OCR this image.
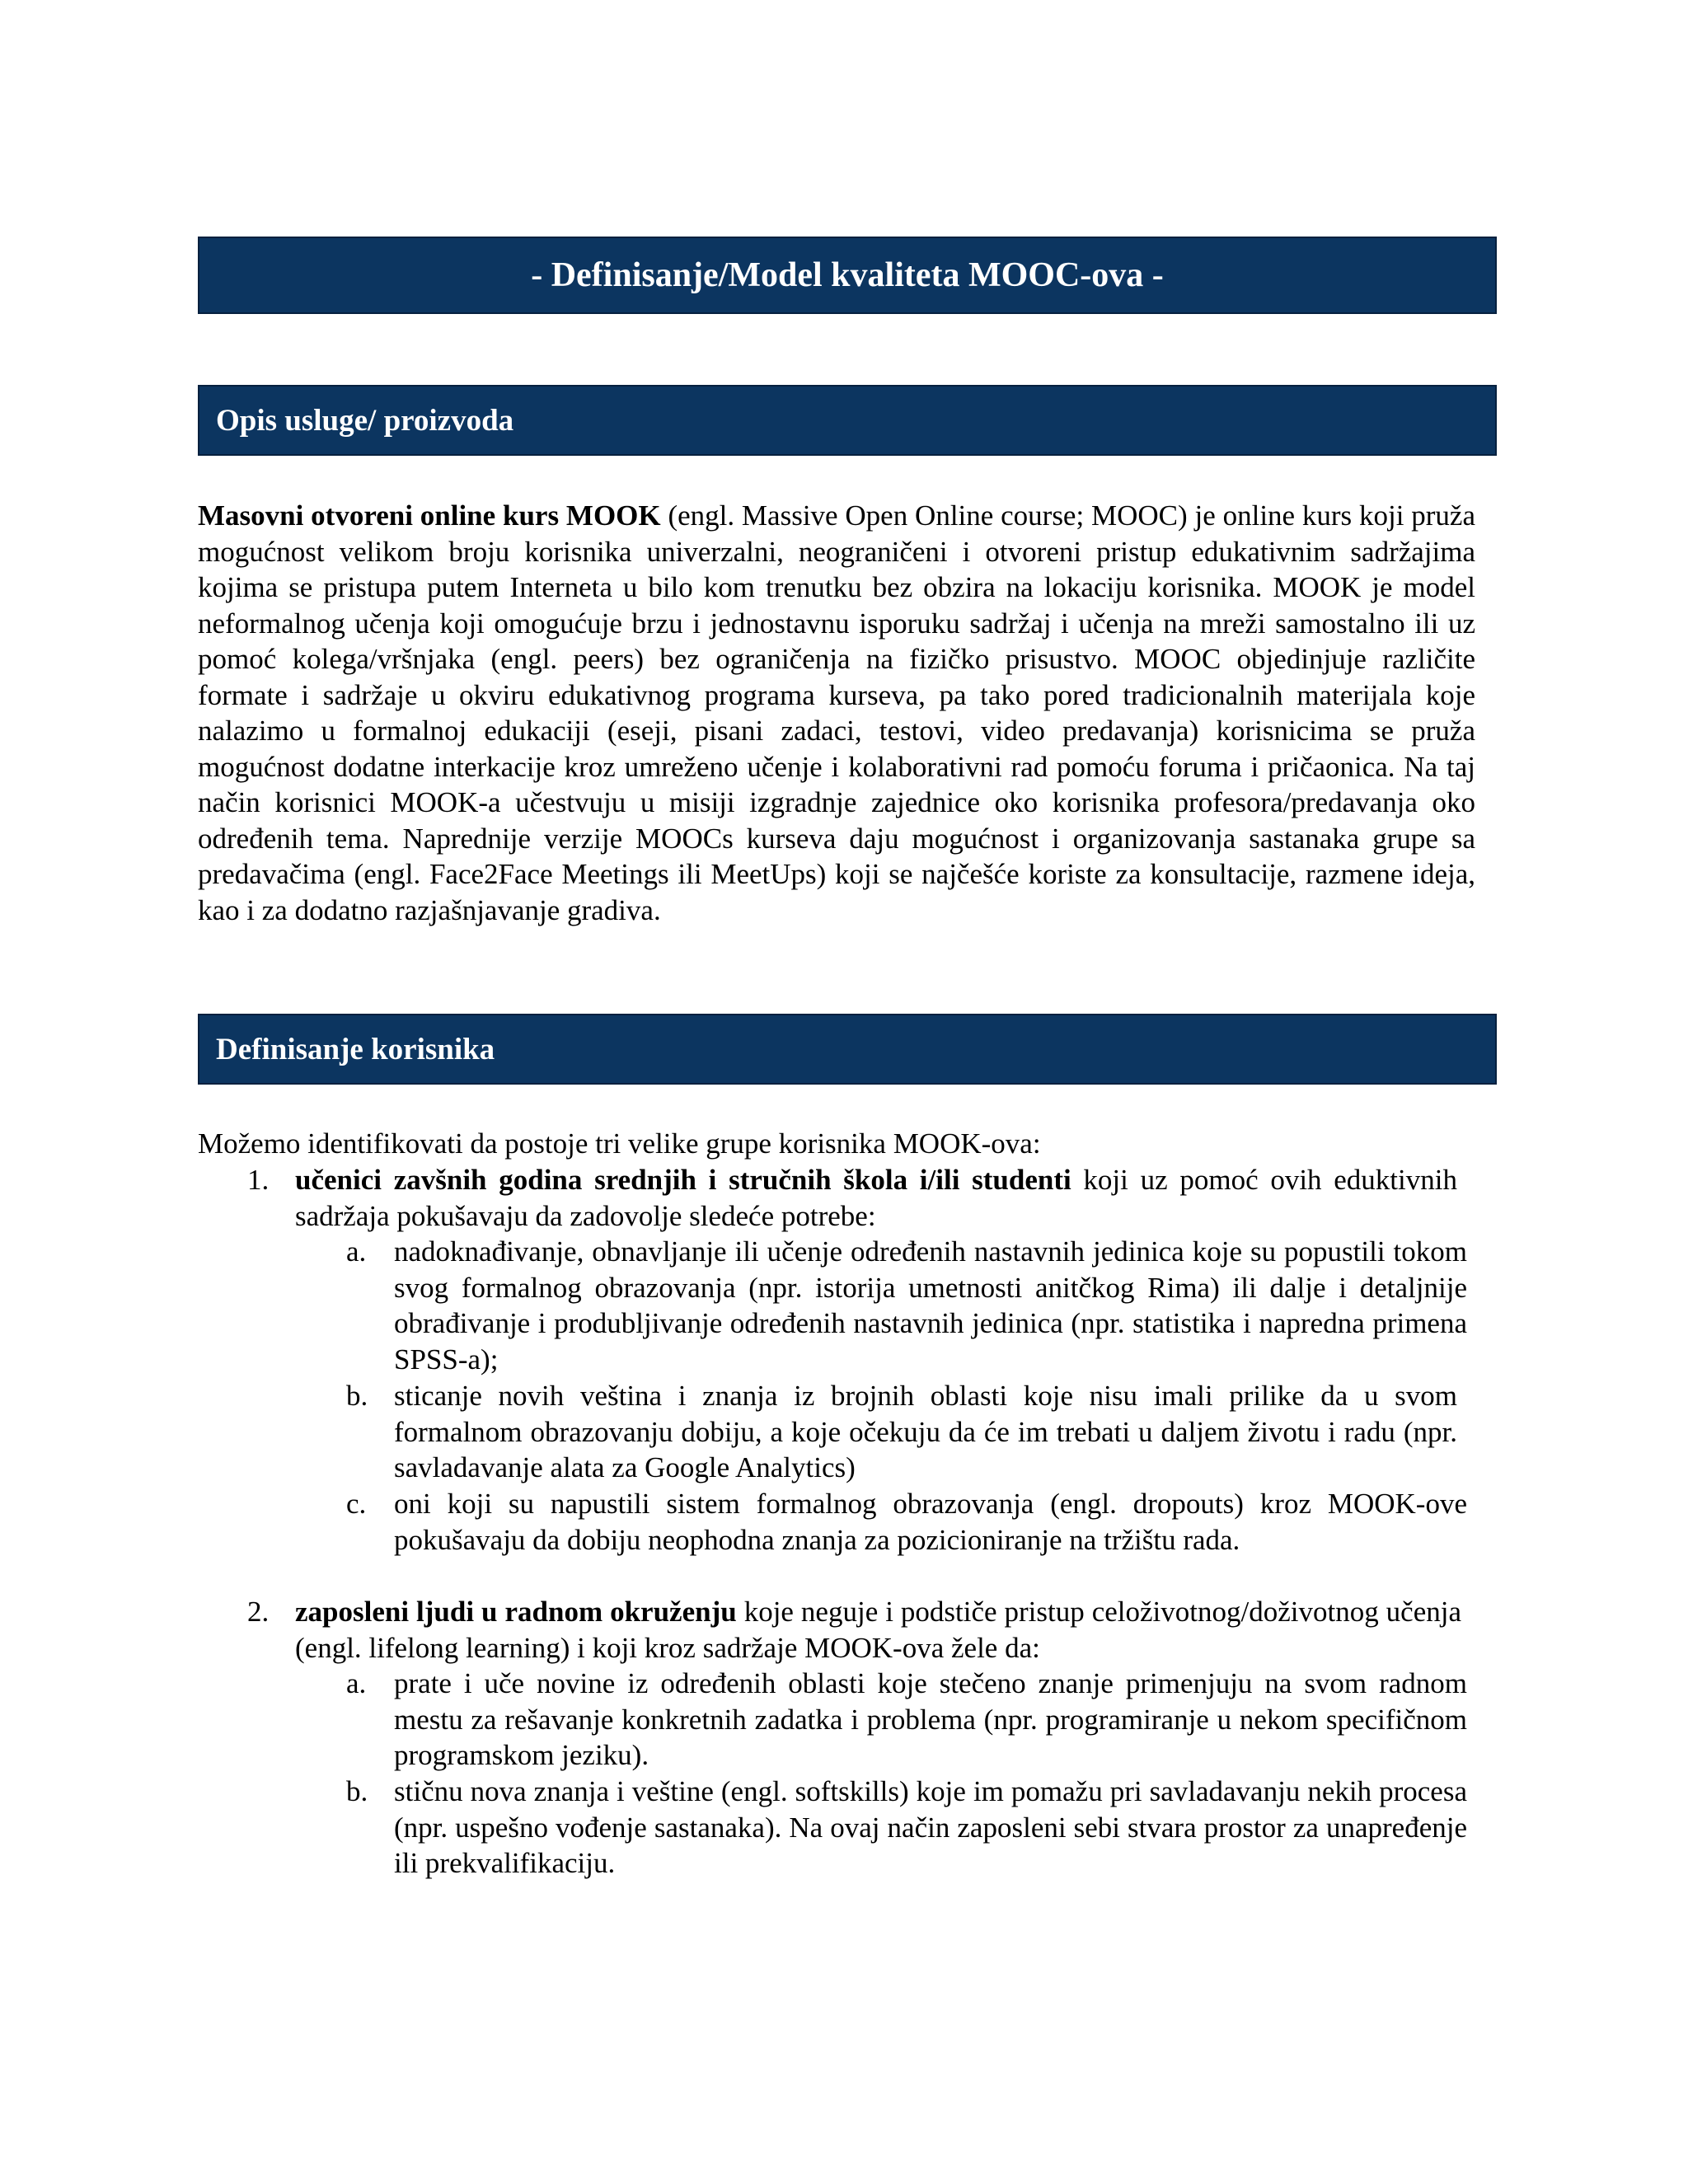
- Definisanje/Model kvaliteta MOOC-ova -
Opis usluge/ proizvoda
Masovni otvoreni online kurs MOOK (engl. Massive Open Online course; MOOC) je online kurs koji pruža mogućnost velikom broju korisnika univerzalni, neograničeni i otvoreni pristup edukativnim sadržajima kojima se pristupa putem Interneta u bilo kom trenutku bez obzira na lokaciju korisnika. MOOK je model neformalnog učenja koji omogućuje brzu i jednostavnu isporuku sadržaj i učenja na mreži samostalno ili uz pomoć kolega/vršnjaka (engl. peers) bez ograničenja na fizičko prisustvo. MOOC objedinjuje različite formate i sadržaje u okviru edukativnog programa kurseva, pa tako pored tradicionalnih materijala koje nalazimo u formalnoj edukaciji (eseji, pisani zadaci, testovi, video predavanja) korisnicima se pruža mogućnost dodatne interkacije kroz umreženo učenje i kolaborativni rad pomoću foruma i pričaonica. Na taj način korisnici MOOK-a učestvuju u misiji izgradnje zajednice oko korisnika profesora/predavanja oko određenih tema. Naprednije verzije MOOCs kurseva daju mogućnost i organizovanja sastanaka grupe sa predavačima (engl. Face2Face Meetings ili MeetUps) koji se najčešće koriste za konsultacije, razmene ideja, kao i za dodatno razjašnjavanje gradiva.
Definisanje korisnika
Možemo identifikovati da postoje tri velike grupe korisnika MOOK-ova:
1. učenici zavšnih godina srednjih i stručnih škola i/ili studenti koji uz pomoć ovih eduktivnih sadržaja pokušavaju da zadovolje sledeće potrebe:
a. nadoknađivanje, obnavljanje ili učenje određenih nastavnih jedinica koje su popustili tokom svog formalnog obrazovanja (npr. istorija umetnosti anitčkog Rima) ili dalje i detaljnije obrađivanje i produbljivanje određenih nastavnih jedinica (npr. statistika i napredna primena SPSS-a);
b. sticanje novih veština i znanja iz brojnih oblasti koje nisu imali prilike da u svom formalnom obrazovanju dobiju, a koje očekuju da će im trebati u daljem životu i radu (npr. savladavanje alata za Google Analytics)
c. oni koji su napustili sistem formalnog obrazovanja (engl. dropouts) kroz MOOK-ove pokušavaju da dobiju neophodna znanja za pozicioniranje na tržištu rada.
2. zaposleni ljudi u radnom okruženju koje neguje i podstiče pristup celoživotnog/doživotnog učenja (engl. lifelong learning) i koji kroz sadržaje MOOK-ova žele da:
a. prate i uče novine iz određenih oblasti koje stečeno znanje primenjuju na svom radnom mestu za rešavanje konkretnih zadatka i problema (npr. programiranje u nekom specifičnom programskom jeziku).
b. stičnu nova znanja i veštine (engl. softskills) koje im pomažu pri savladavanju nekih procesa (npr. uspešno vođenje sastanaka). Na ovaj način zaposleni sebi stvara prostor za unapređenje ili prekvalifikaciju.
